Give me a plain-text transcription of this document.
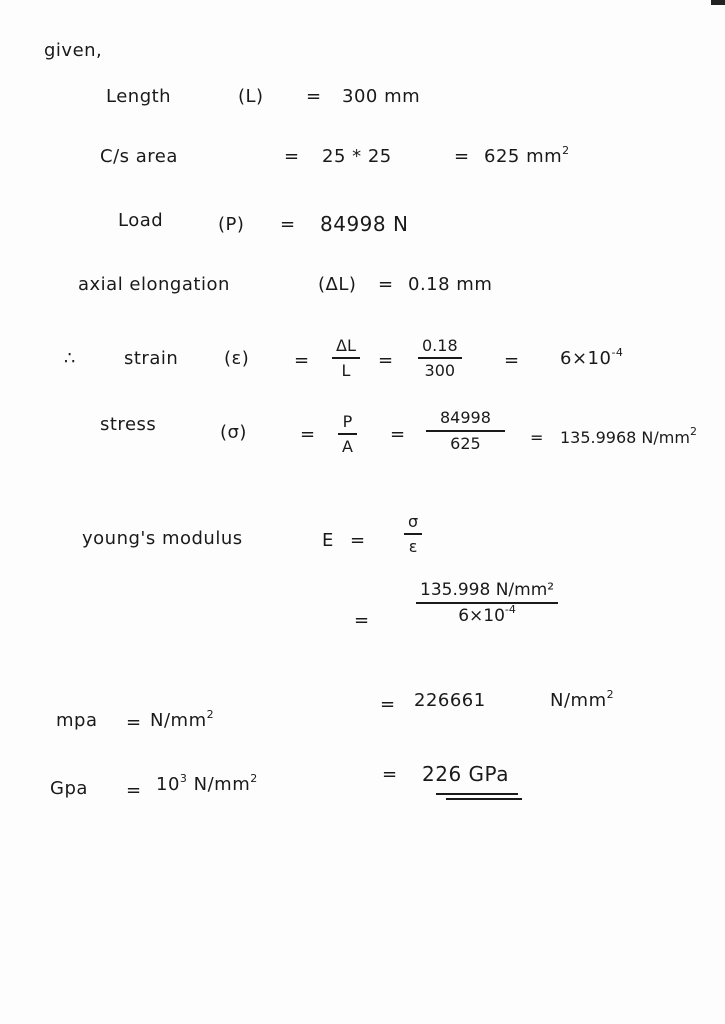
given,
Length	(L) = 300 mm
C/s area	= 25 * 25	= 625 $mm^2$
Load	(P) = 84998 N
axial elongation	(ΔL) = 0.18 mm
∴	strain	(ε) =
ΔL
L =
0.18
300	= $6\times 10^{-4}$
stress	(σ)	=
P
A
=
84998
625	= 135.9968 $N/mm^2$
young's modulus	E =
σ
ε
=
135.998 N/mm²
$6\times 10^{-4}$
= 226661	$N/mm^2$
mpa = $N/mm^2$
= 226 GPa
Gpa = $10^3$ $N/mm^2$
